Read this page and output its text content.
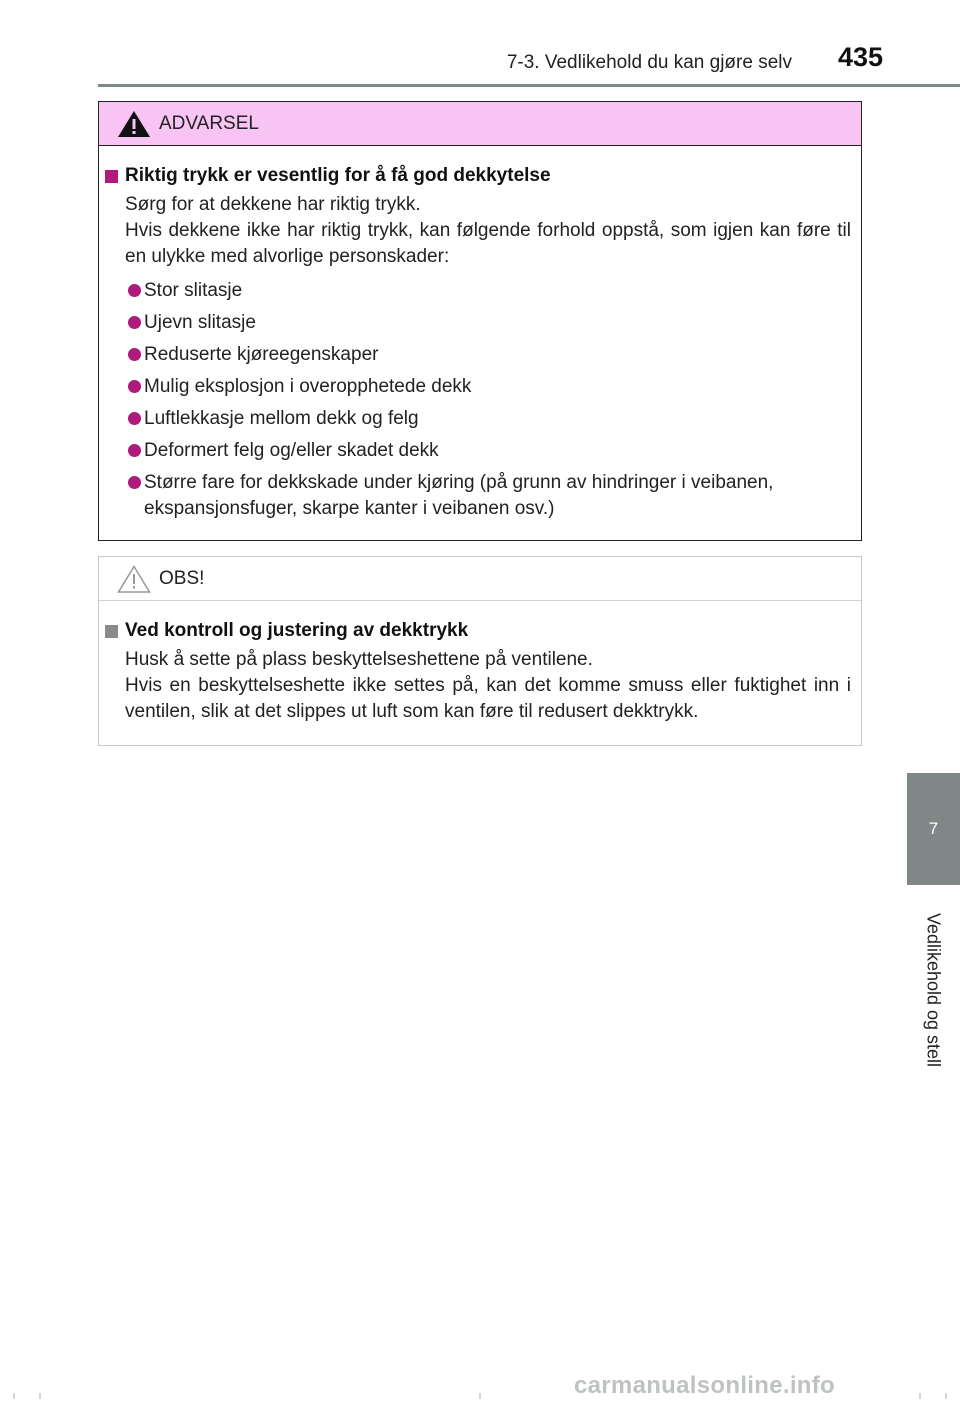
7-3. Vedlikehold du kan gjøre selv 435
7
Vedlikehold og stell
ADVARSEL
Riktig trykk er vesentlig for å få god dekkytelse

Sørg for at dekkene har riktig trykk.

Hvis dekkene ikke har riktig trykk, kan følgende forhold oppstå, som igjen kan føre til en ulykke med alvorlige personskader:

Stor slitasje
Ujevn slitasje
Reduserte kjøreegenskaper
Mulig eksplosjon i overopphetede dekk
Luftlekkasje mellom dekk og felg
Deformert felg og/eller skadet dekk
Større fare for dekkskade under kjøring (på grunn av hindringer i veibanen, ekspansjonsfuger, skarpe kanter i veibanen osv.)
OBS!
Ved kontroll og justering av dekktrykk

Husk å sette på plass beskyttelseshettene på ventilene.

Hvis en beskyttelseshette ikke settes på, kan det komme smuss eller fuktighet inn i ventilen, slik at det slippes ut luft som kan føre til redusert dekktrykk.

carmanualsonline.info
